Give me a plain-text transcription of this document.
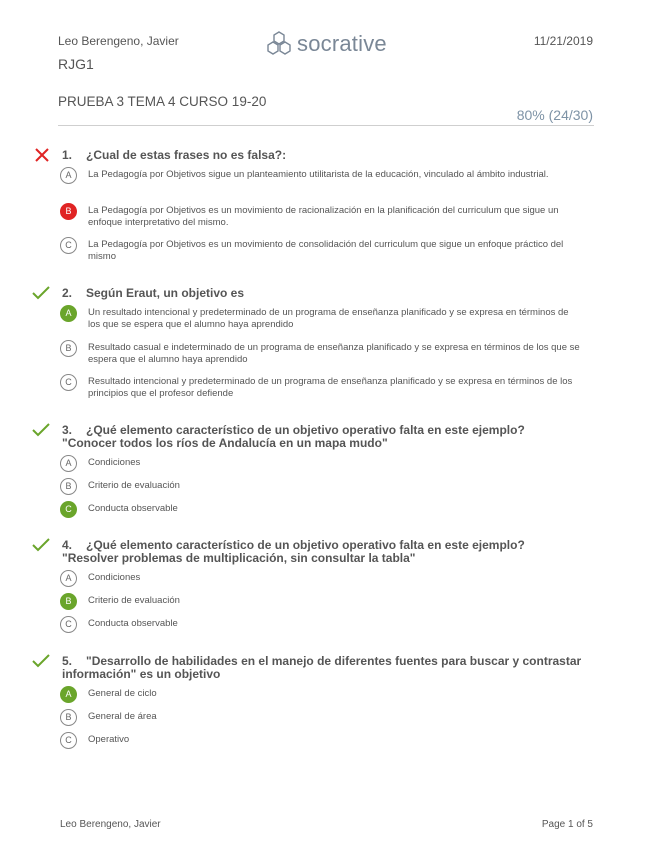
Leo Berengeno, Javier
RJG1
socrative	11/21/2019
PRUEBA 3 TEMA 4 CURSO 19-20
80% (24/30)
1. ¿Cual de estas frases no es falsa?:
A	La Pedagogía por Objetivos sigue un planteamiento utilitarista de la educación, vinculado al ámbito industrial.
B	La Pedagogía por Objetivos es un movimiento de racionalización en la planificación del curriculum que sigue un enfoque interpretativo del mismo.
C	La Pedagogía por Objetivos es un movimiento de consolidación del curriculum que sigue un enfoque práctico del mismo
2. Según Eraut, un objetivo es
A	Un resultado intencional y predeterminado de un programa de enseñanza planificado y se expresa en términos de los que se espera que el alumno haya aprendido
B	Resultado casual e indeterminado de un programa de enseñanza planificado y se expresa en términos de los que se espera que el alumno haya aprendido
C	Resultado intencional y predeterminado de un programa de enseñanza planificado y se expresa en términos de los principios que el profesor defiende
3. ¿Qué elemento característico de un objetivo operativo falta en este ejemplo? "Conocer todos los ríos de Andalucía en un mapa mudo"
A	Condiciones
B	Criterio de evaluación
C	Conducta observable
4. ¿Qué elemento característico de un objetivo operativo falta en este ejemplo? "Resolver problemas de multiplicación, sin consultar la tabla"
A	Condiciones
B	Criterio de evaluación
C	Conducta observable
5. "Desarrollo de habilidades en el manejo de diferentes fuentes para buscar y contrastar información" es un objetivo
A	General de ciclo
B	General de área
C	Operativo
Leo Berengeno, Javier	Page 1 of 5
